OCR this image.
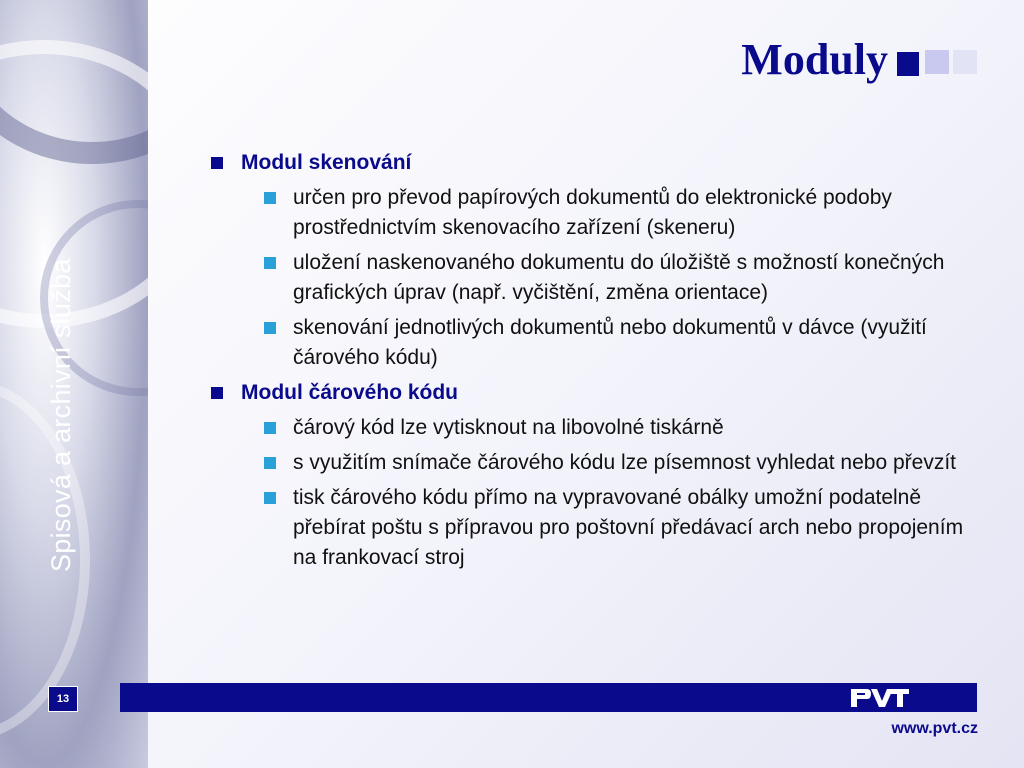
Spisová a archivní služba
Moduly
Modul skenování
určen pro převod papírových dokumentů do elektronické podoby prostřednictvím skenovacího zařízení (skeneru)
uložení naskenovaného dokumentu do úložiště s možností konečných grafických úprav (např. vyčištění, změna orientace)
skenování jednotlivých dokumentů nebo dokumentů v dávce (využití čárového kódu)
Modul čárového kódu
čárový kód lze vytisknout na libovolné tiskárně
s využitím snímače čárového kódu lze písemnost vyhledat nebo převzít
tisk čárového kódu přímo na vypravované obálky umožní podatelně přebírat poštu s přípravou pro poštovní předávací arch nebo propojením na frankovací stroj
13
www.pvt.cz
